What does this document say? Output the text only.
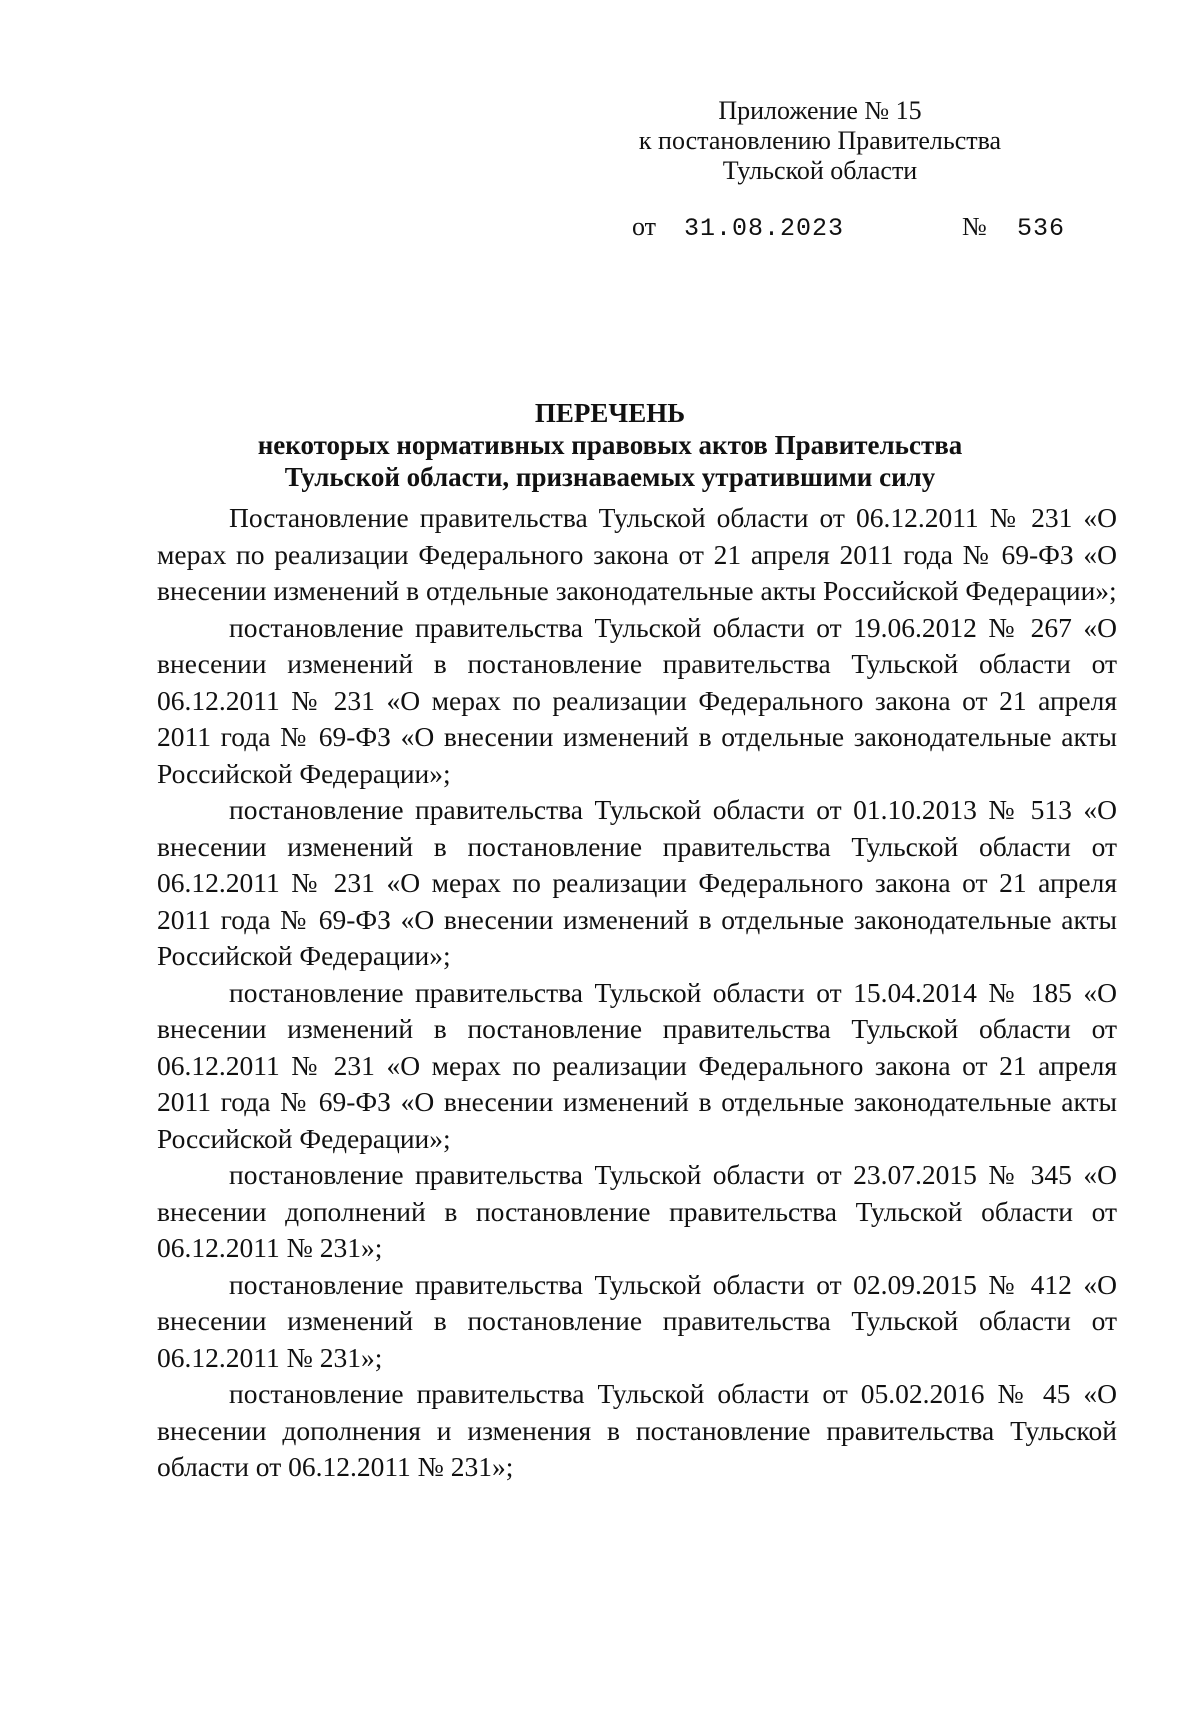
Приложение № 15
к постановлению Правительства
Тульской области
от 31.08.2023	№ 536
ПЕРЕЧЕНЬ
некоторых нормативных правовых актов Правительства
Тульской области, признаваемых утратившими силу

Постановление правительства Тульской области от 06.12.2011 № 231 «О мерах по реализации Федерального закона от 21 апреля 2011 года № 69-ФЗ «О внесении изменений в отдельные законодательные акты Российской Федерации»;

постановление правительства Тульской области от 19.06.2012 № 267 «О внесении изменений в постановление правительства Тульской области от 06.12.2011 № 231 «О мерах по реализации Федерального закона от 21 апреля 2011 года № 69-ФЗ «О внесении изменений в отдельные законодательные акты Российской Федерации»;

постановление правительства Тульской области от 01.10.2013 № 513 «О внесении изменений в постановление правительства Тульской области от 06.12.2011 № 231 «О мерах по реализации Федерального закона от 21 апреля 2011 года № 69-ФЗ «О внесении изменений в отдельные законодательные акты Российской Федерации»;

постановление правительства Тульской области от 15.04.2014 № 185 «О внесении изменений в постановление правительства Тульской области от 06.12.2011 № 231 «О мерах по реализации Федерального закона от 21 апреля 2011 года № 69-ФЗ «О внесении изменений в отдельные законодательные акты Российской Федерации»;

постановление правительства Тульской области от 23.07.2015 № 345 «О внесении дополнений в постановление правительства Тульской области от 06.12.2011 № 231»;

постановление правительства Тульской области от 02.09.2015 № 412 «О внесении изменений в постановление правительства Тульской области от 06.12.2011 № 231»;

постановление правительства Тульской области от 05.02.2016 № 45 «О внесении дополнения и изменения в постановление правительства Тульской области от 06.12.2011 № 231»;
